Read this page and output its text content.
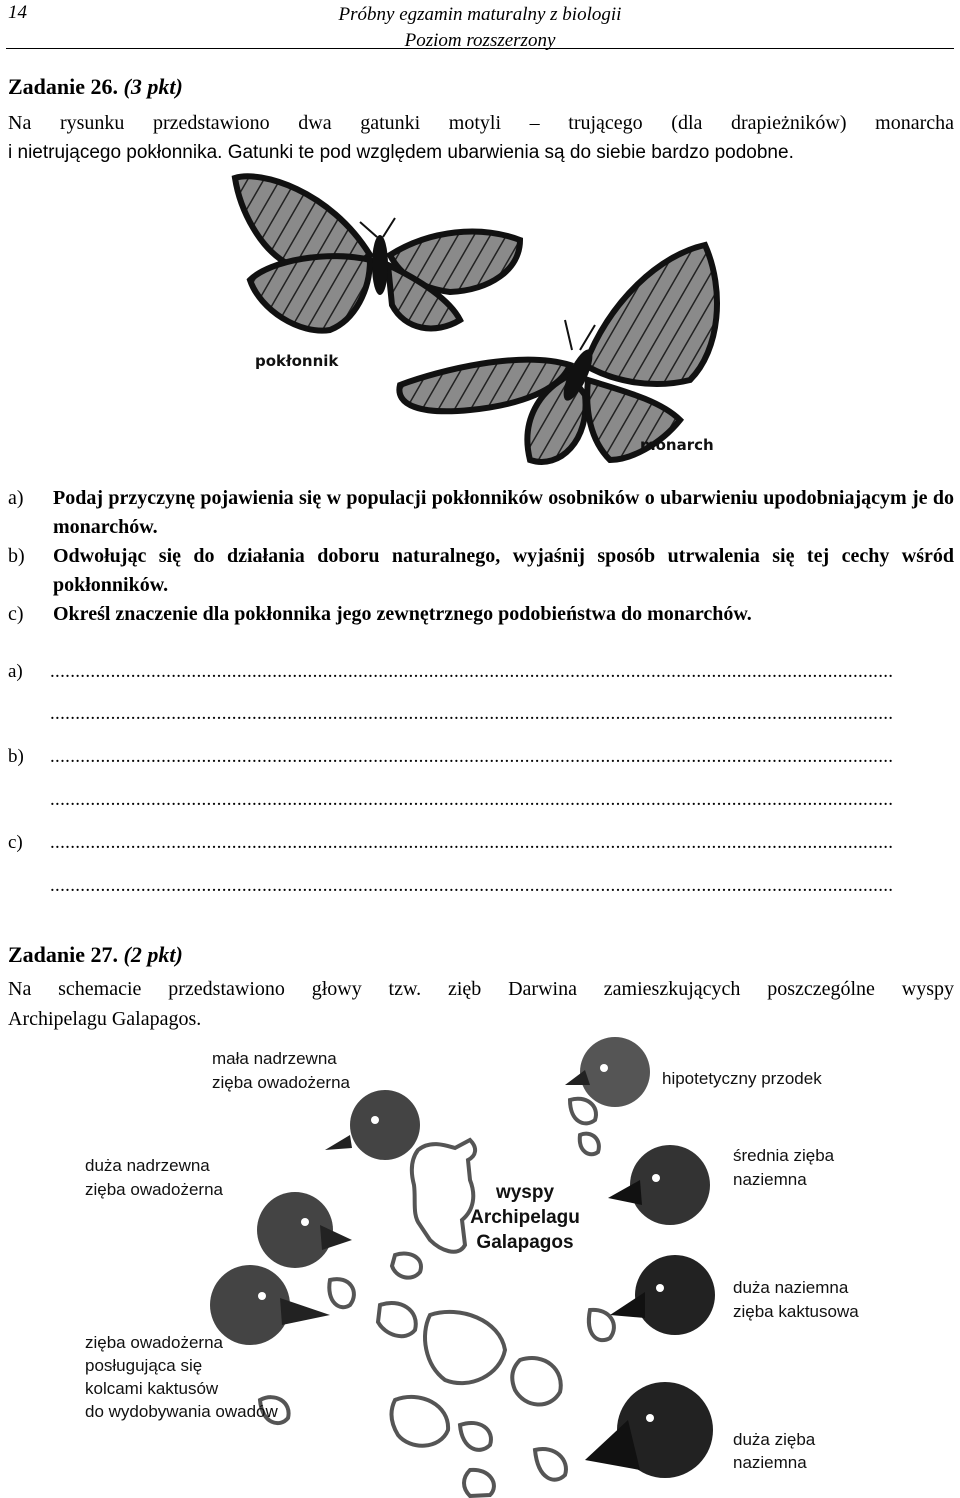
14	Próbny egzamin maturalny z biologii
Poziom rozszerzony
Zadanie 26. (3 pkt)
Na rysunku przedstawiono dwa gatunki motyli – trującego (dla drapieżników) monarcha
i nietrującego pokłonnika. Gatunki te pod względem ubarwienia są do siebie bardzo podobne.
pokłonnik
monarch
a) Podaj przyczynę pojawienia się w populacji pokłonników osobników o ubarwieniu upodobniającym je do monarchów.
b) Odwołując się do działania doboru naturalnego, wyjaśnij sposób utrwalenia się tej cechy wśród pokłonników.
c) Określ znaczenie dla pokłonnika jego zewnętrznego podobieństwa do monarchów.
a) .......................................................................................................................................................................
.......................................................................................................................................................................
b) .......................................................................................................................................................................
.......................................................................................................................................................................
c) .......................................................................................................................................................................
.......................................................................................................................................................................
Zadanie 27. (2 pkt)
Na schemacie przedstawiono głowy tzw. zięb Darwina zamieszkujących poszczególne wyspy
Archipelagu Galapagos.
mała nadrzewna
zięba owadożerna	hipotetyczny przodek
duża nadrzewna
zięba owadożerna
średnia zięba
naziemna
duża naziemna
zięba kaktusowa
zięba owadożerna
posługująca się
kolcami kaktusów
do wydobywania owadów
duża zięba
naziemna
wyspy
Archipelagu
Galapagos
